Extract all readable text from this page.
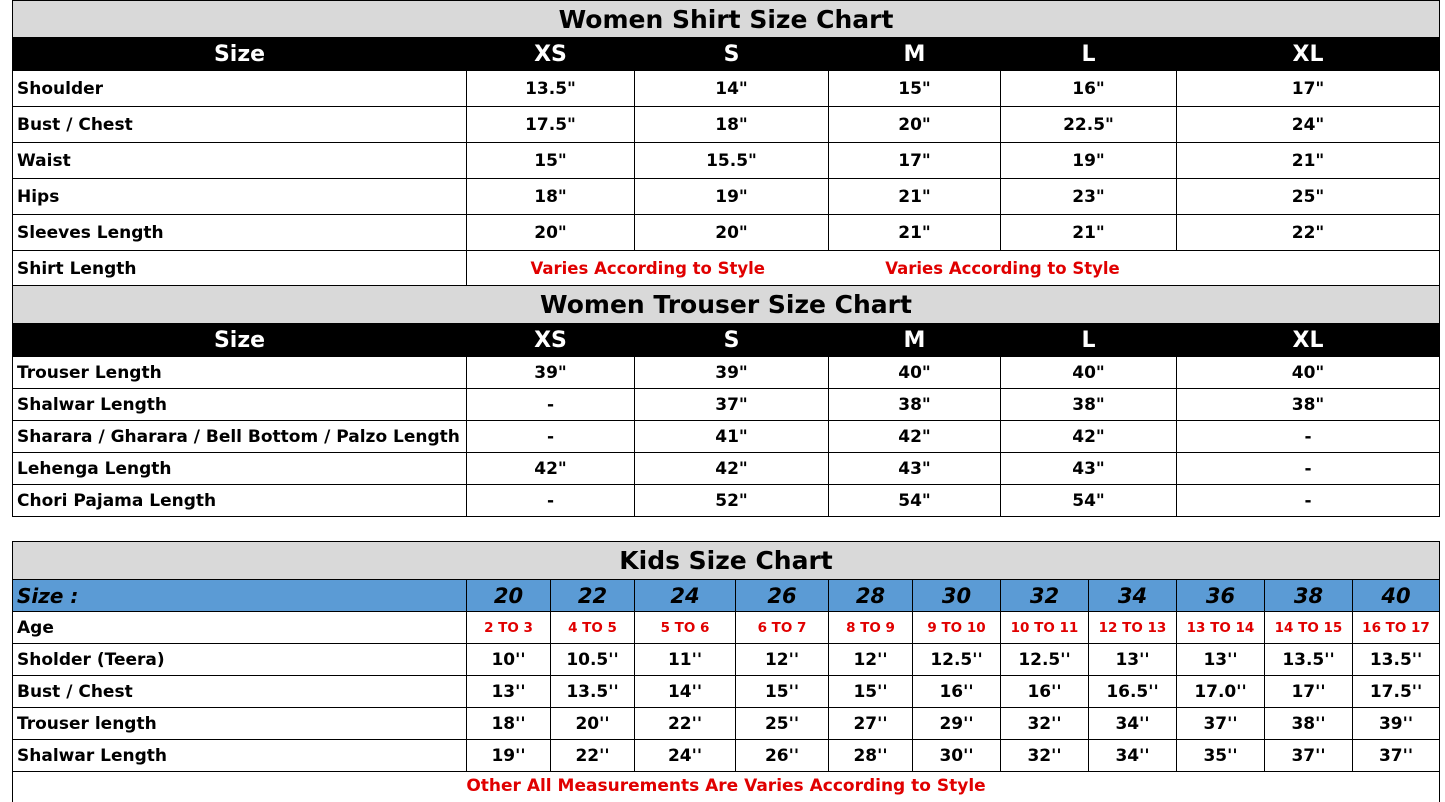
Women Shirt Size Chart					
Size	XS	S	M	L	XL
Shoulder	13.5"	14"	15"	16"	17"
Bust / Chest	17.5"	18"	20"	22.5"	24"
Waist	15"	15.5"	17"	19"	21"
Hips	18"	19"	21"	23"	25"
Sleeves Length	20"	20"	21"	21"	22"
Shirt Length	Varies According to Style		Varies According to Style		
Women Trouser Size Chart					
Size	XS	S	M	L	XL
Trouser Length	39"	39"	40"	40"	40"
Shalwar Length	-	37"	38"	38"	38"
Sharara / Gharara / Bell Bottom / Palzo Length	-	41"	42"	42"	-
Lehenga Length	42"	42"	43"	43"	-
Chori Pajama Length	-	52"	54"	54"	-
Kids Size Chart											
Size :	20	22	24	26	28	30	32	34	36	38	40
Age	2 TO 3	4 TO 5	5 TO 6	6 TO 7	8 TO 9	9 TO 10	10 TO 11	12 TO 13	13 TO 14	14 TO 15	16 TO 17
Sholder (Teera)	10''	10.5''	11''	12''	12''	12.5''	12.5''	13''	13''	13.5''	13.5''
Bust / Chest	13''	13.5''	14''	15''	15''	16''	16''	16.5''	17.0''	17''	17.5''
Trouser length	18''	20''	22''	25''	27''	29''	32''	34''	37''	38''	39''
Shalwar Length	19''	22''	24''	26''	28''	30''	32''	34''	35''	37''	37''
Other All Measurements Are Varies According to Style											
